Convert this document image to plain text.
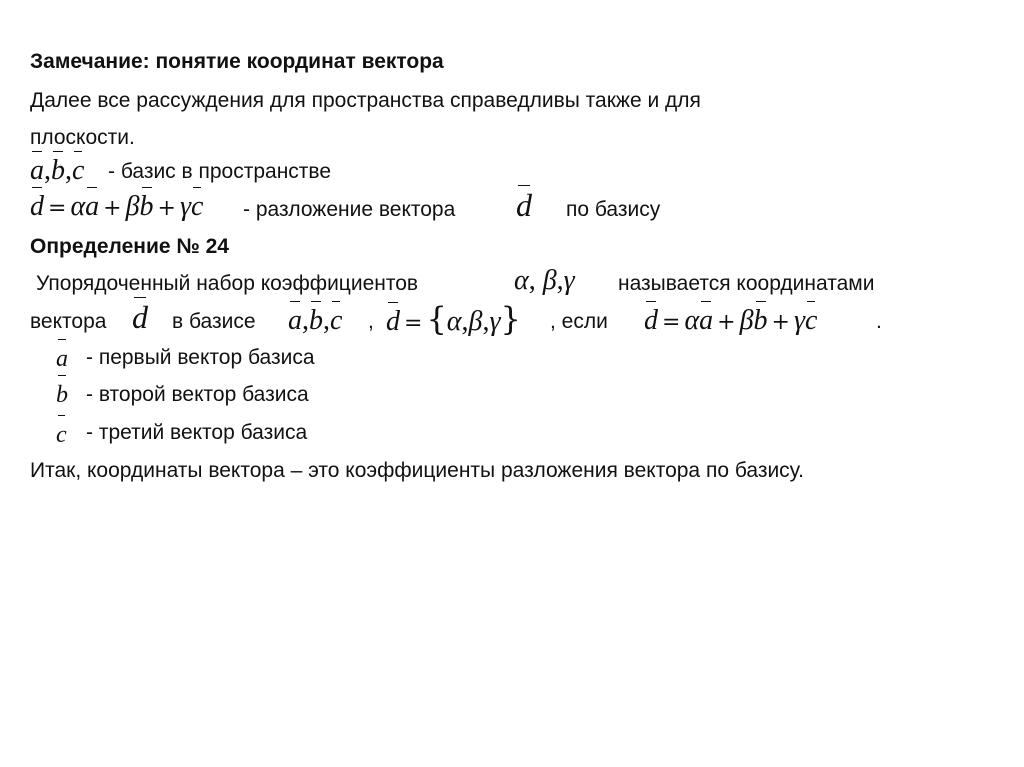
Замечание: понятие координат вектора
Далее все рассуждения для пространства справедливы также и для
плоскости.
a,b,c - базис в пространстве
d = αa + βb + γc - разложение вектора d по базису
Определение № 24
Упорядоченный набор коэффициентов	α, β,γ называется координатами
вектора d в базисе a,b,c , d = {α,β,γ} , если d = αa + βb + γc	.
a - первый вектор базиса
b - второй вектор базиса
c - третий вектор базиса
Итак, координаты вектора – это коэффициенты разложения вектора по базису.
